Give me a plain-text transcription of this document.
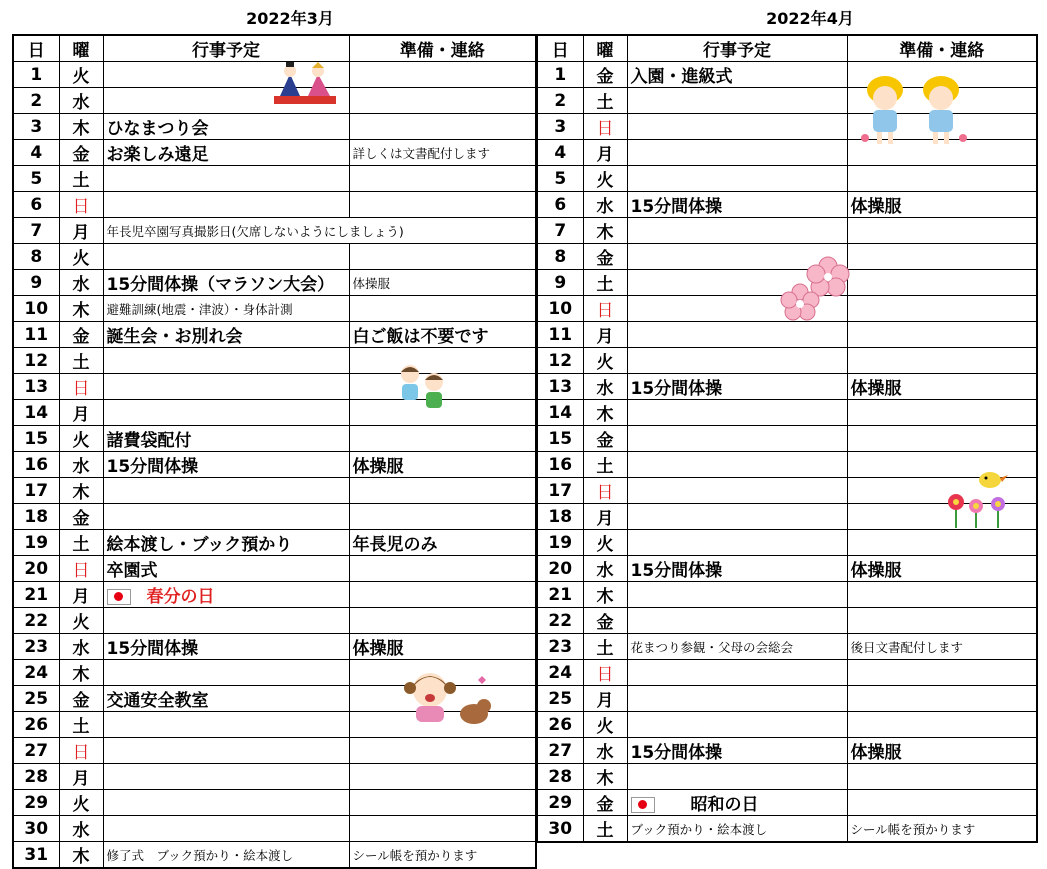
2022年3月	2022年4月
日	曜	行事予定	準備・連絡
1	火		
2	水		
3	木	ひなまつり会	
4	金	お楽しみ遠足	詳しくは文書配付します
5	土		
6	日		
7	月	年長児卒園写真撮影日(欠席しないようにしましょう)	
8	火		
9	水	15分間体操（マラソン大会）	体操服
10	木	避難訓練(地震・津波）・身体計測	
11	金	誕生会・お別れ会	白ご飯は不要です
12	土		
13	日		
14	月		
15	火	諸費袋配付	
16	水	15分間体操	体操服
17	木		
18	金		
19	土	絵本渡し・ブック預かり	年長児のみ
20	日	卒園式	
21	月	春分の日	
22	火		
23	水	15分間体操	体操服
24	木		
25	金	交通安全教室	
26	土		
27	日		
28	月		
29	火		
30	水		
31	木	修了式　ブック預かり・絵本渡し	シール帳を預かります
日	曜	行事予定	準備・連絡
1	金	入園・進級式	
2	土		
3	日		
4	月		
5	火		
6	水	15分間体操	体操服
7	木		
8	金		
9	土		
10	日		
11	月		
12	火		
13	水	15分間体操	体操服
14	木		
15	金		
16	土		
17	日		
18	月		
19	火		
20	水	15分間体操	体操服
21	木		
22	金		
23	土	花まつり参観・父母の会総会	後日文書配付します
24	日		
25	月		
26	火		
27	水	15分間体操	体操服
28	木		
29	金	昭和の日	
30	土	ブック預かり・絵本渡し	シール帳を預かります
